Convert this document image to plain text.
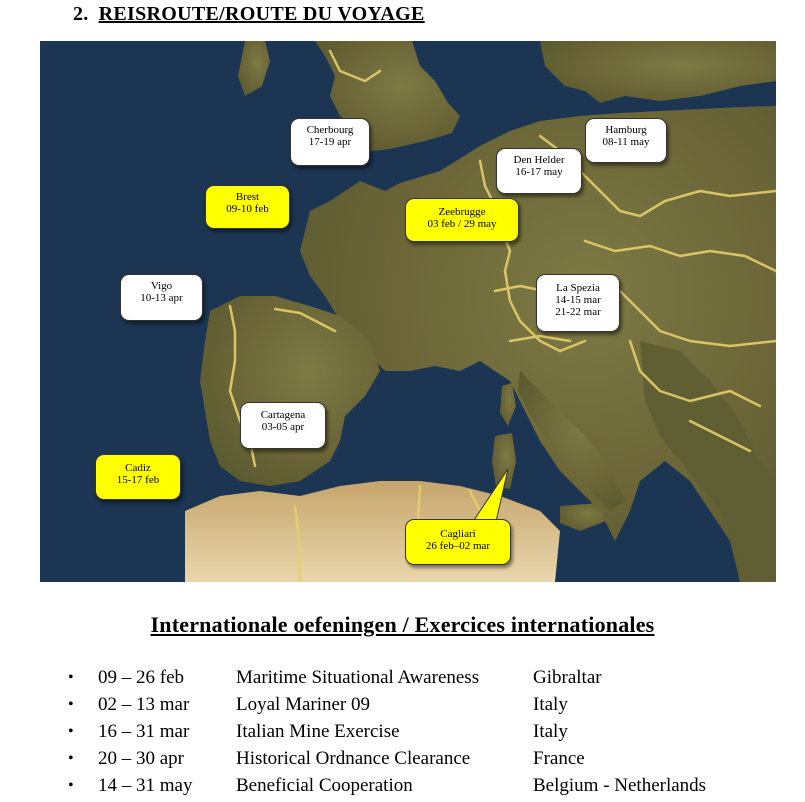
2. REISROUTE/ROUTE DU VOYAGE
Cherbourg
17-19 apr
Hamburg
08-11 may
Den Helder
16-17 may
Brest
09-10 feb	Zeebrugge
03 feb / 29 may
Vigo
10-13 apr
La Spezia
14-15 mar
21-22 mar
Cartagena
03-05 apr
Cadiz
15-17 feb
Cagliari
26 feb–02 mar
Internationale oefeningen / Exercices internationales
• 09 – 26 feb	Maritime Situational Awareness	Gibraltar
• 02 – 13 mar Loyal Mariner 09	Italy
• 16 – 31 mar Italian Mine Exercise	Italy
• 20 – 30 apr	Historical Ordnance Clearance	France
• 14 – 31 may Beneficial Cooperation	Belgium - Netherlands
